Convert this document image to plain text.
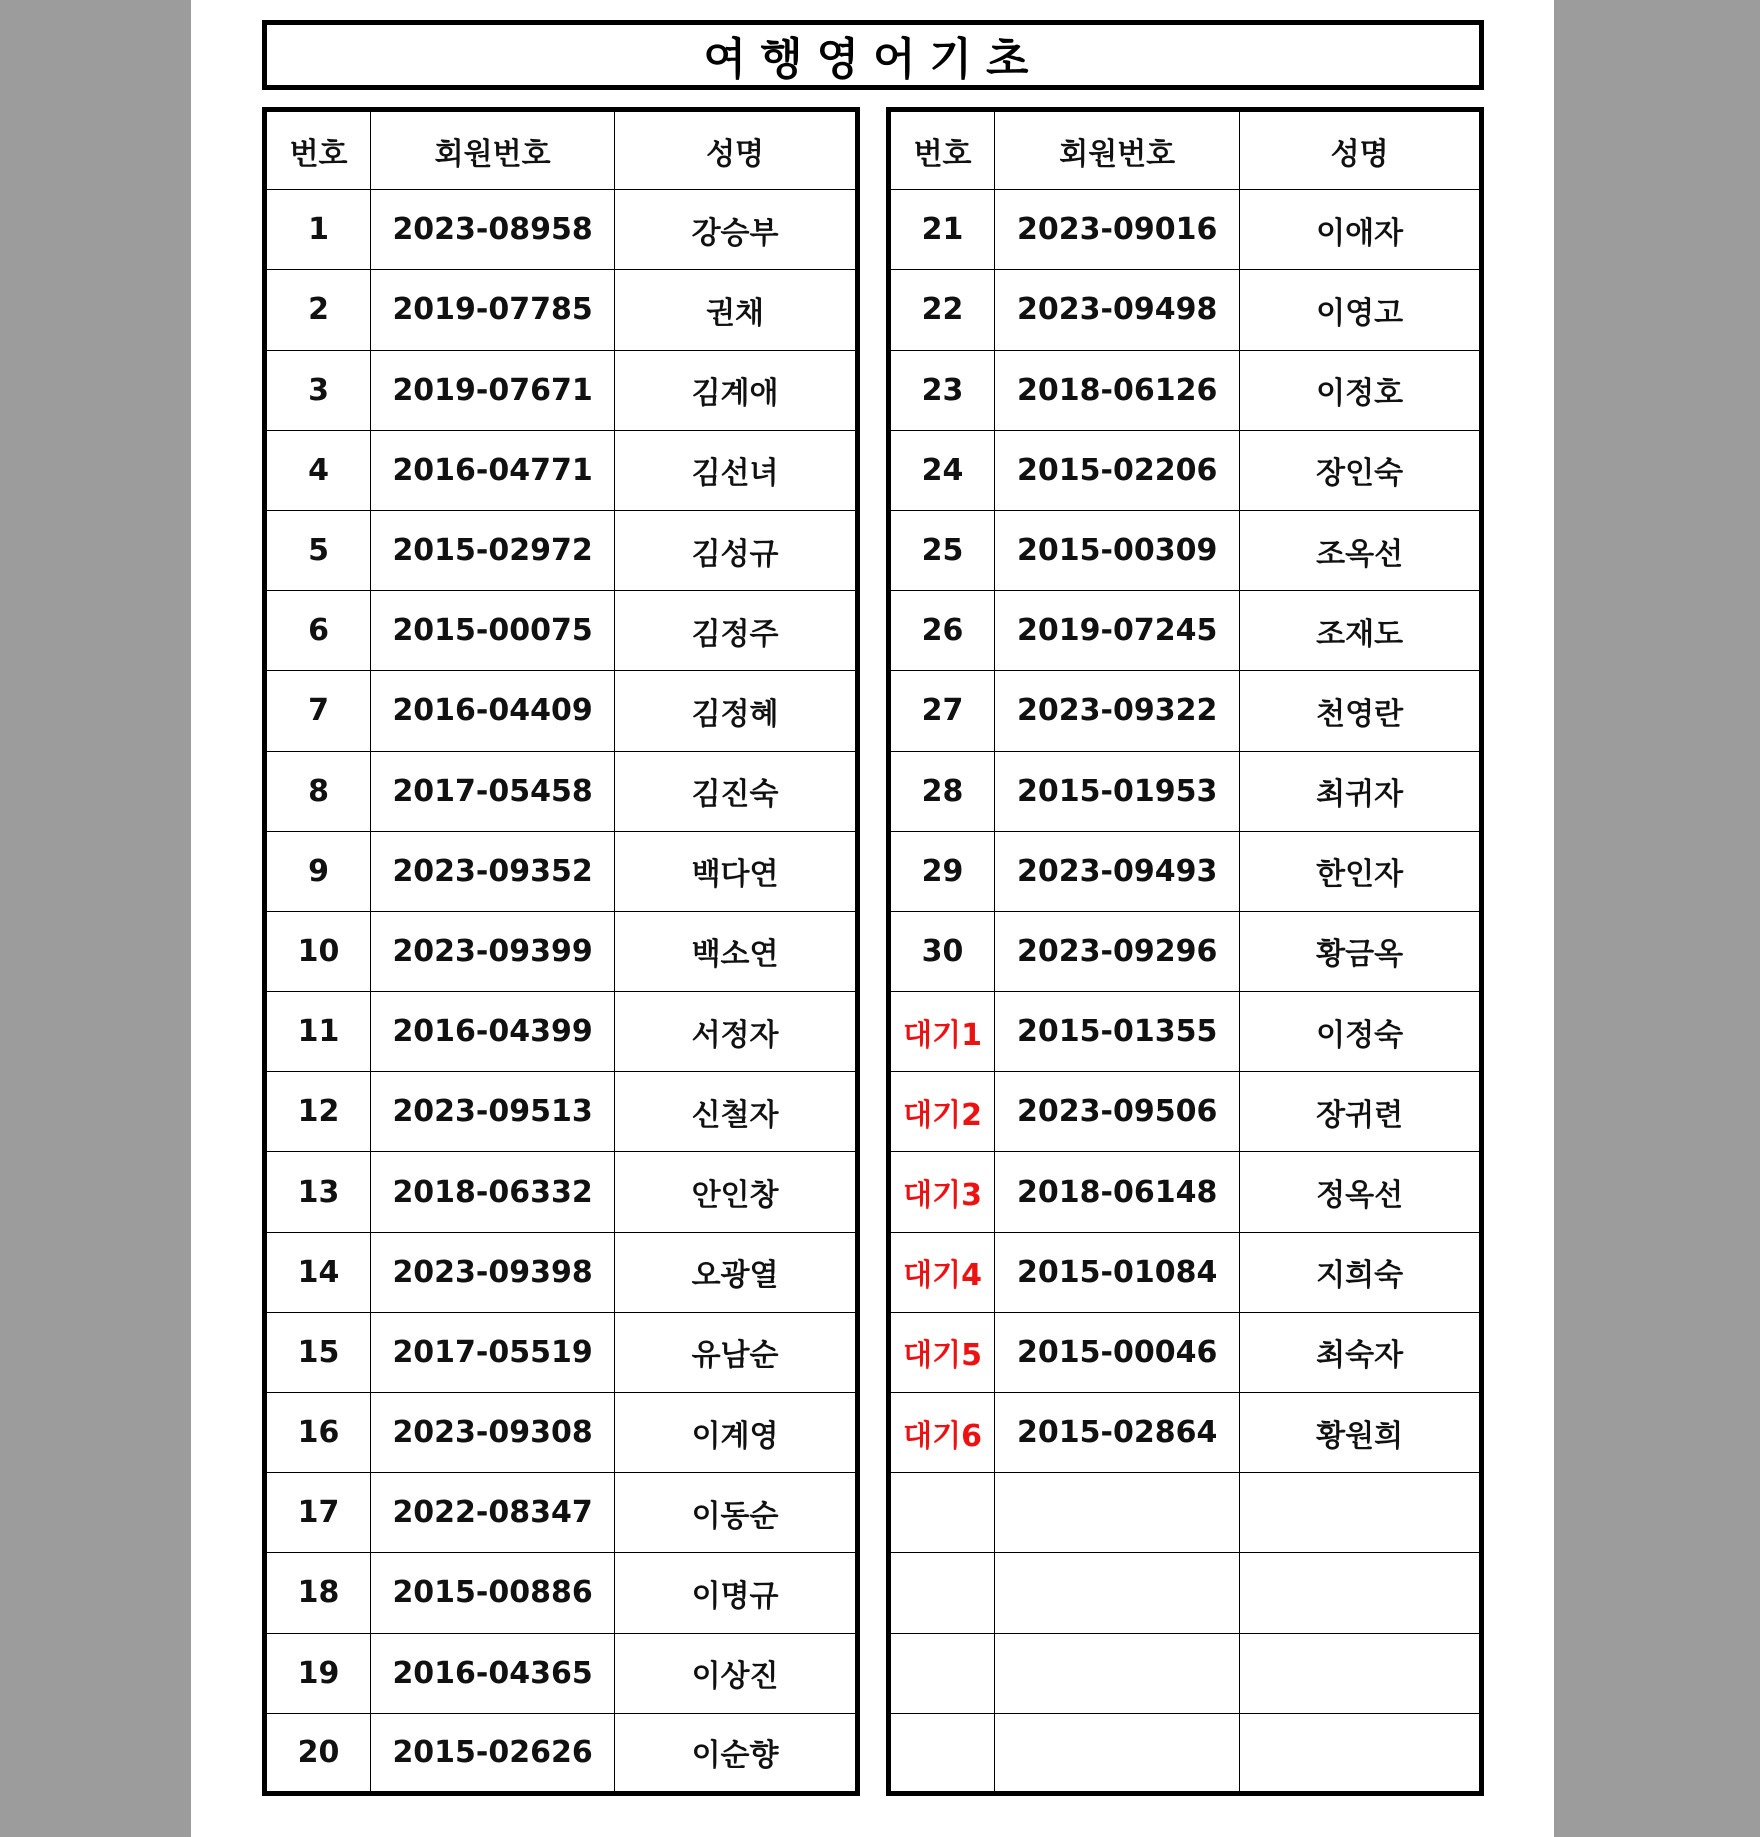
여행영어기초
번호	회원번호	성명
1	2023-08958	강승부
2	2019-07785	권채
3	2019-07671	김계애
4	2016-04771	김선녀
5	2015-02972	김성규
6	2015-00075	김정주
7	2016-04409	김정혜
8	2017-05458	김진숙
9	2023-09352	백다연
10	2023-09399	백소연
11	2016-04399	서정자
12	2023-09513	신철자
13	2018-06332	안인창
14	2023-09398	오광열
15	2017-05519	유남순
16	2023-09308	이계영
17	2022-08347	이동순
18	2015-00886	이명규
19	2016-04365	이상진
20	2015-02626	이순향
번호	회원번호	성명
21	2023-09016	이애자
22	2023-09498	이영고
23	2018-06126	이정호
24	2015-02206	장인숙
25	2015-00309	조옥선
26	2019-07245	조재도
27	2023-09322	천영란
28	2015-01953	최귀자
29	2023-09493	한인자
30	2023-09296	황금옥
대기1	2015-01355	이정숙
대기2	2023-09506	장귀련
대기3	2018-06148	정옥선
대기4	2015-01084	지희숙
대기5	2015-00046	최숙자
대기6	2015-02864	황원희
